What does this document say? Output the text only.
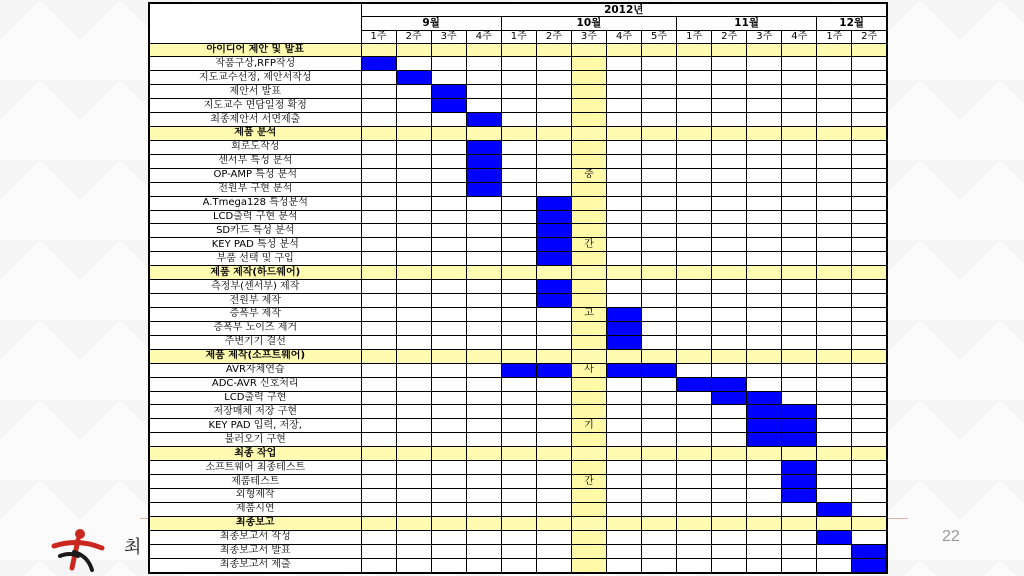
최
22
	2012년														
	9월				10월					11월				12월	
	1주	2주	3주	4주	1주	2주	3주	4주	5주	1주	2주	3주	4주	1주	2주
아이디어 제안 및 발표															
작품구상,RFP작성															
지도교수선정, 제안서작성															
제안서 발표															
지도교수 면담일정 확정															
최종제안서 서면제출															
제품 분석															
회로도작성															
센서부 특성 분석															
OP-AMP 특성 분석							중								
전원부 구현 분석															
A.Tmega128 특성분석															
LCD출력 구현 분석															
SD카드 특성 분석															
KEY PAD 특성 분석							간								
부품 선택 및 구입															
제품 제작(하드웨어)															
측정부(센서부) 제작															
전원부 제작															
증폭부 제작							고								
증폭부 노이즈 제거															
주변기기 결선															
제품 제작(소프트웨어)															
AVR자체연습							사								
ADC-AVR 신호처리															
LCD출력 구현															
저장매체 저장 구현															
KEY PAD 입력, 저장,							기								
불러오기 구현															
최종 작업															
소프트웨어 최종테스트															
제품테스트							간								
외형제작															
제품시연															
최종보고															
최종보고서 작성															
최종보고서 발표															
최종보고서 제출															
